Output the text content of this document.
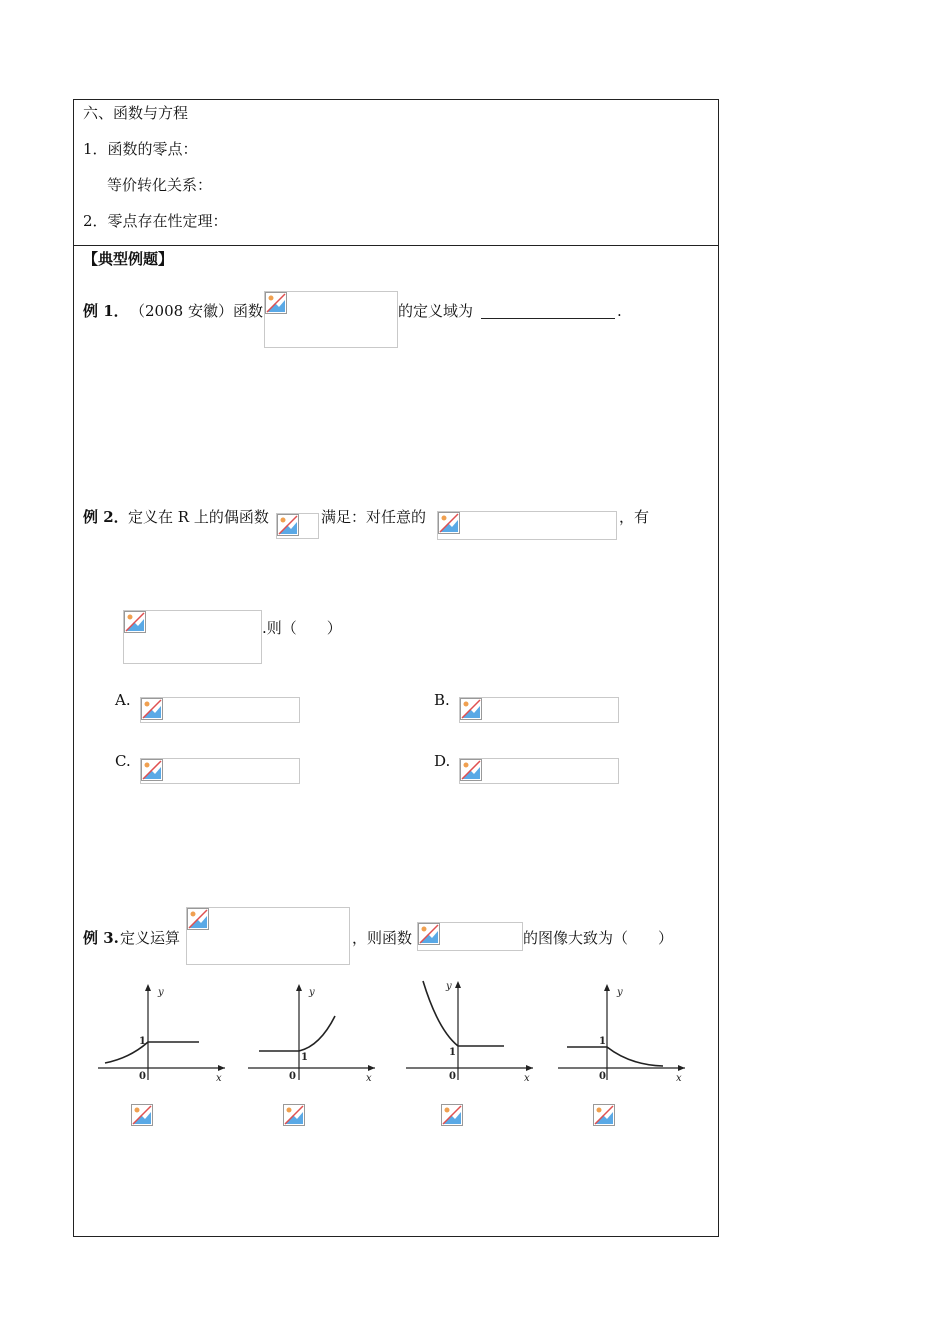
六、函数与方程
1．函数的零点：
等价转化关系：
2．零点存在性定理：
【典型例题】
例 1． （2008 安徽）函数	的定义域为	.
例 2． 定义在 R 上的偶函数	满足：对任意的	，有
.则（　　）
A.	B.
C.	D.
例 3. 定义运算	，则函数	的图像大致为（　　）
y
x
0
1
y
x
0
1
y
x
0
1
y
x
0
1
